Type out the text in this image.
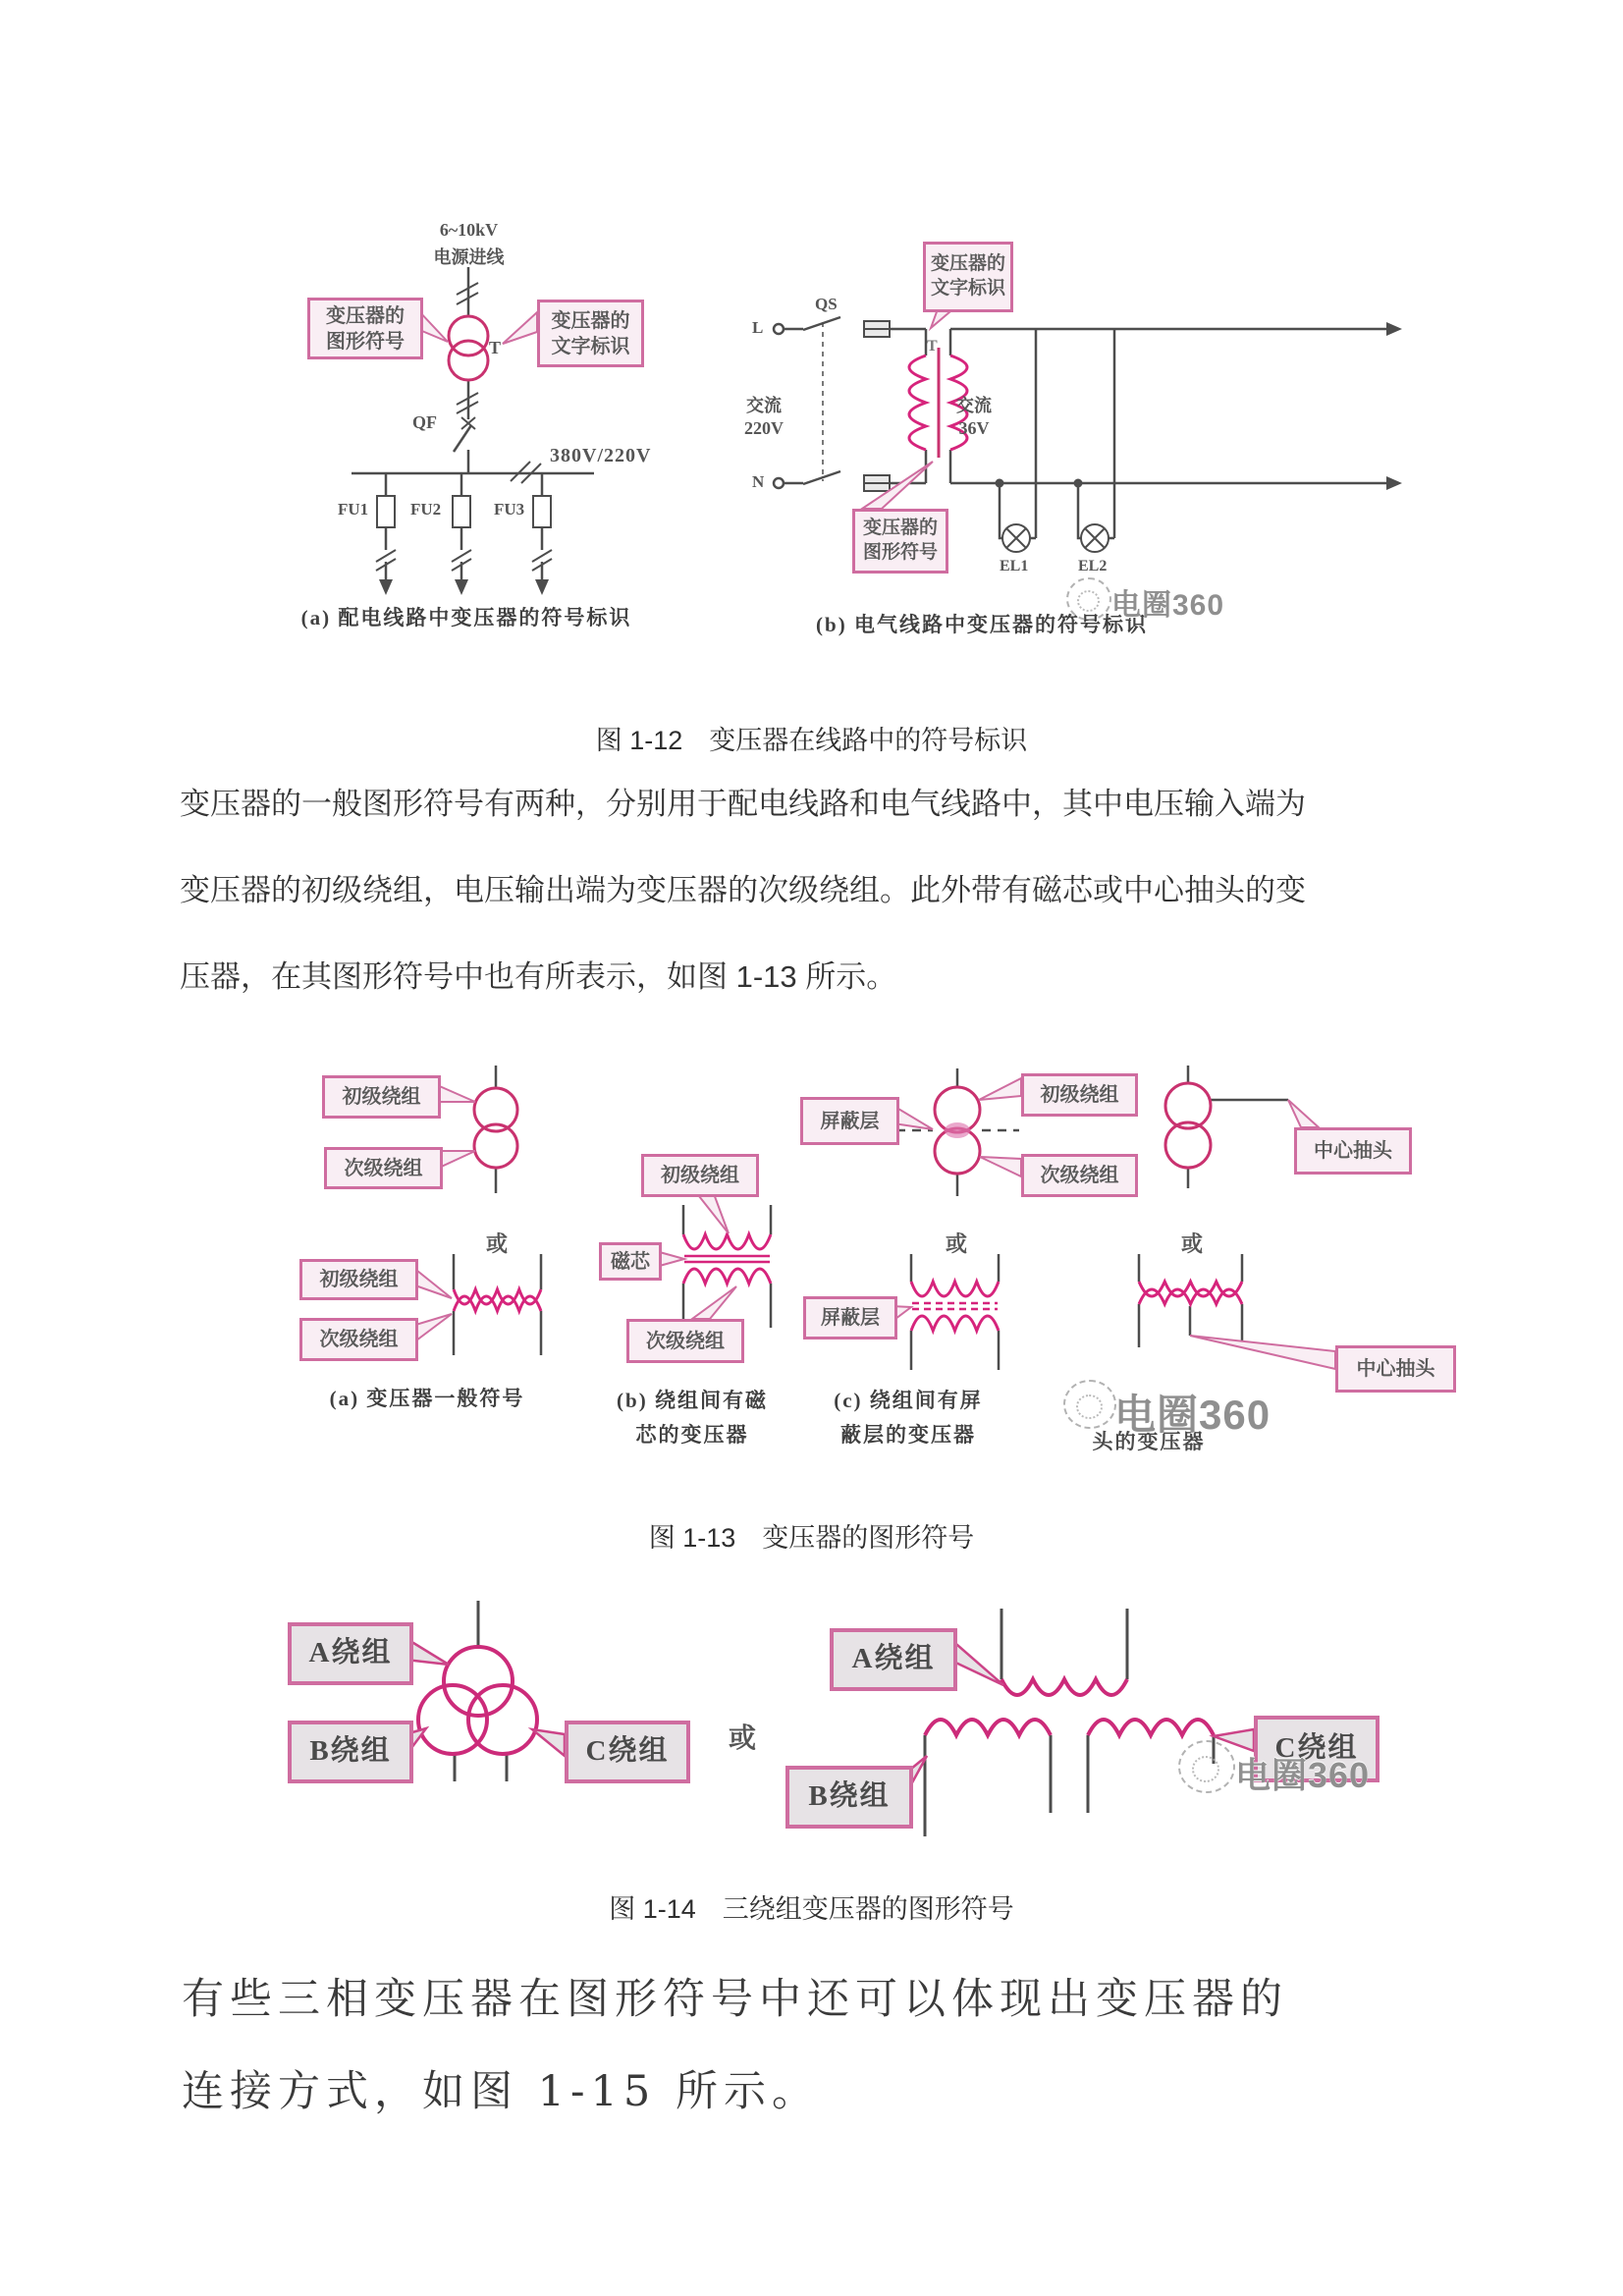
6~10kV
电源进线
变压器的
图形符号
变压器的
文字标识
T
QF
380V/220V
FU1	FU2	FU3
(a) 配电线路中变压器的符号标识
QS
L
N
变压器的
文字标识
T
交流
220V
交流
36V
变压器的
图形符号
EL1	EL2
(b) 电气线路中变压器的符号标识
电圈360
图 1-12　变压器在线路中的符号标识
变压器的一般图形符号有两种，分别用于配电线路和电气线路中，其中电压输入端为
变压器的初级绕组，电压输出端为变压器的次级绕组。此外带有磁芯或中心抽头的变
压器，在其图形符号中也有所表示，如图 1-13 所示。
初级绕组
次级绕组
或
初级绕组
次级绕组
(a) 变压器一般符号
初级绕组
磁芯
次级绕组
(b) 绕组间有磁
芯的变压器
屏蔽层
初级绕组
次级绕组
或
屏蔽层
(c) 绕组间有屏
蔽层的变压器
中心抽头
或
中心抽头
电圈360
头的变压器
图 1-13　变压器的图形符号
A绕组
B绕组	C绕组	或
A绕组
B绕组
C绕组
电圈360
图 1-14　三绕组变压器的图形符号
有些三相变压器在图形符号中还可以体现出变压器的
连接方式，如图 1-15 所示。
